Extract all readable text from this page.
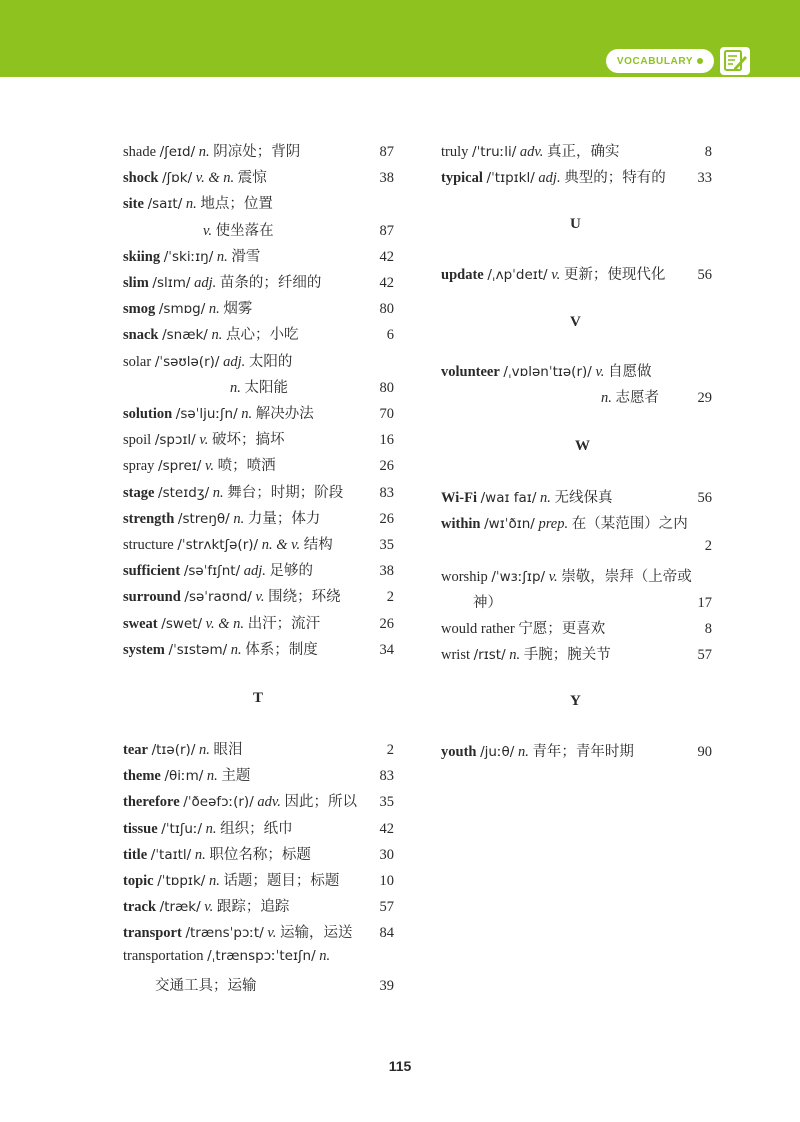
VOCABULARY
shade /ʃeɪd/ n. 阴凉处；背阴	87
shock /ʃɒk/ v. & n. 震惊	38
site /saɪt/ n. 地点；位置
v. 使坐落在	87
skiing /ˈskiːɪŋ/ n. 滑雪	42
slim /slɪm/ adj. 苗条的；纤细的	42
smog /smɒg/ n. 烟雾	80
snack /snæk/ n. 点心；小吃	6
solar /ˈsəʊlə(r)/ adj. 太阳的
n. 太阳能	80
solution /səˈljuːʃn/ n. 解决办法	70
spoil /spɔɪl/ v. 破坏；搞坏	16
spray /spreɪ/ v. 喷；喷洒	26
stage /steɪdʒ/ n. 舞台；时期；阶段	83
strength /streŋθ/ n. 力量；体力	26
structure /ˈstrʌktʃə(r)/ n. & v. 结构	35
sufficient /səˈfɪʃnt/ adj. 足够的	38
surround /səˈraʊnd/ v. 围绕；环绕	2
sweat /swet/ v. & n. 出汗；流汗	26
system /ˈsɪstəm/ n. 体系；制度	34
T
tear /tɪə(r)/ n. 眼泪	2
theme /θiːm/ n. 主题	83
therefore /ˈðeəfɔː(r)/ adv. 因此；所以	35
tissue /ˈtɪʃuː/ n. 组织；纸巾	42
title /ˈtaɪtl/ n. 职位名称；标题	30
topic /ˈtɒpɪk/ n. 话题；题目；标题	10
track /træk/ v. 跟踪；追踪	57
transport /trænsˈpɔːt/ v. 运输，运送	84
transportation /ˌtrænspɔːˈteɪʃn/ n.
交通工具；运输	39
truly /ˈtruːli/ adv. 真正，确实	8
typical /ˈtɪpɪkl/ adj. 典型的；特有的	33
U
update /ˌʌpˈdeɪt/ v. 更新；使现代化	56
V
volunteer /ˌvɒlənˈtɪə(r)/ v. 自愿做
n. 志愿者	29
W
Wi-Fi /waɪ faɪ/ n. 无线保真	56
within /wɪˈðɪn/ prep. 在（某范围）之内
2
worship /ˈwɜːʃɪp/ v. 崇敬，崇拜（上帝或
神）	17
would rather 宁愿；更喜欢	8
wrist /rɪst/ n. 手腕；腕关节	57
Y
youth /juːθ/ n. 青年；青年时期	90
115
